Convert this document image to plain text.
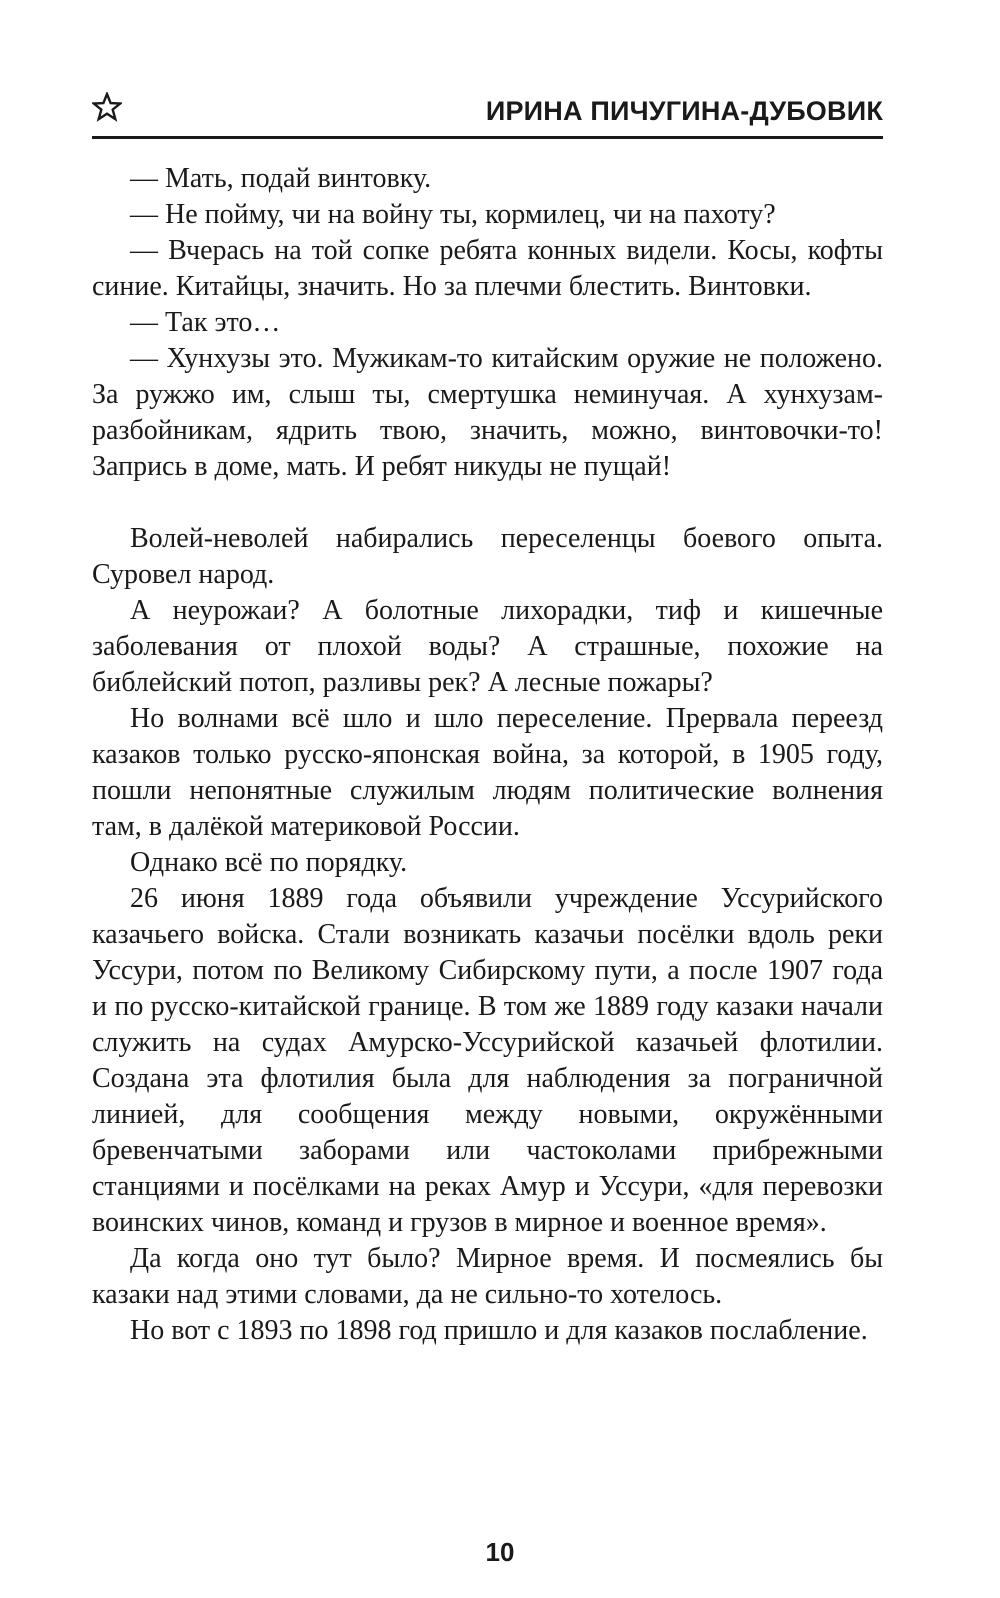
ИРИНА ПИЧУГИНА-ДУБОВИК

— Мать, подай винтовку.

— Не пойму, чи на войну ты, кормилец, чи на пахоту?

— Вчерась на той сопке ребята конных видели. Косы, кофты синие. Китайцы, значить. Но за плечми блестить. Винтовки.

— Так это…

— Хунхузы это. Мужикам-то китайским оружие не положено. За ружжо им, слыш ты, смертушка неминучая. А хунхузам-разбойникам, ядрить твою, значить, можно, винтовочки-то! Запрись в доме, мать. И ребят никуды не пущай!

Волей-неволей набирались переселенцы боевого опыта. Суровел народ.

А неурожаи? А болотные лихорадки, тиф и кишечные заболевания от плохой воды? А страшные, похожие на библейский потоп, разливы рек? А лесные пожары?

Но волнами всё шло и шло переселение. Прервала переезд казаков только русско-японская война, за которой, в 1905 году, пошли непонятные служилым людям политические волнения там, в далёкой материковой России.

Однако всё по порядку.

26 июня 1889 года объявили учреждение Уссурийского казачьего войска. Стали возникать казачьи посёлки вдоль реки Уссури, потом по Великому Сибирскому пути, а после 1907 года и по русско-китайской границе. В том же 1889 году казаки начали служить на судах Амурско-Уссурийской казачьей флотилии. Создана эта флотилия была для наблюдения за пограничной линией, для сообщения между новыми, окружёнными бревенчатыми заборами или частоколами прибрежными станциями и посёлками на реках Амур и Уссури, «для перевозки воинских чинов, команд и грузов в мирное и военное время».

Да когда оно тут было? Мирное время. И посмеялись бы казаки над этими словами, да не сильно-то хотелось.

Но вот с 1893 по 1898 год пришло и для казаков послабление.

10
